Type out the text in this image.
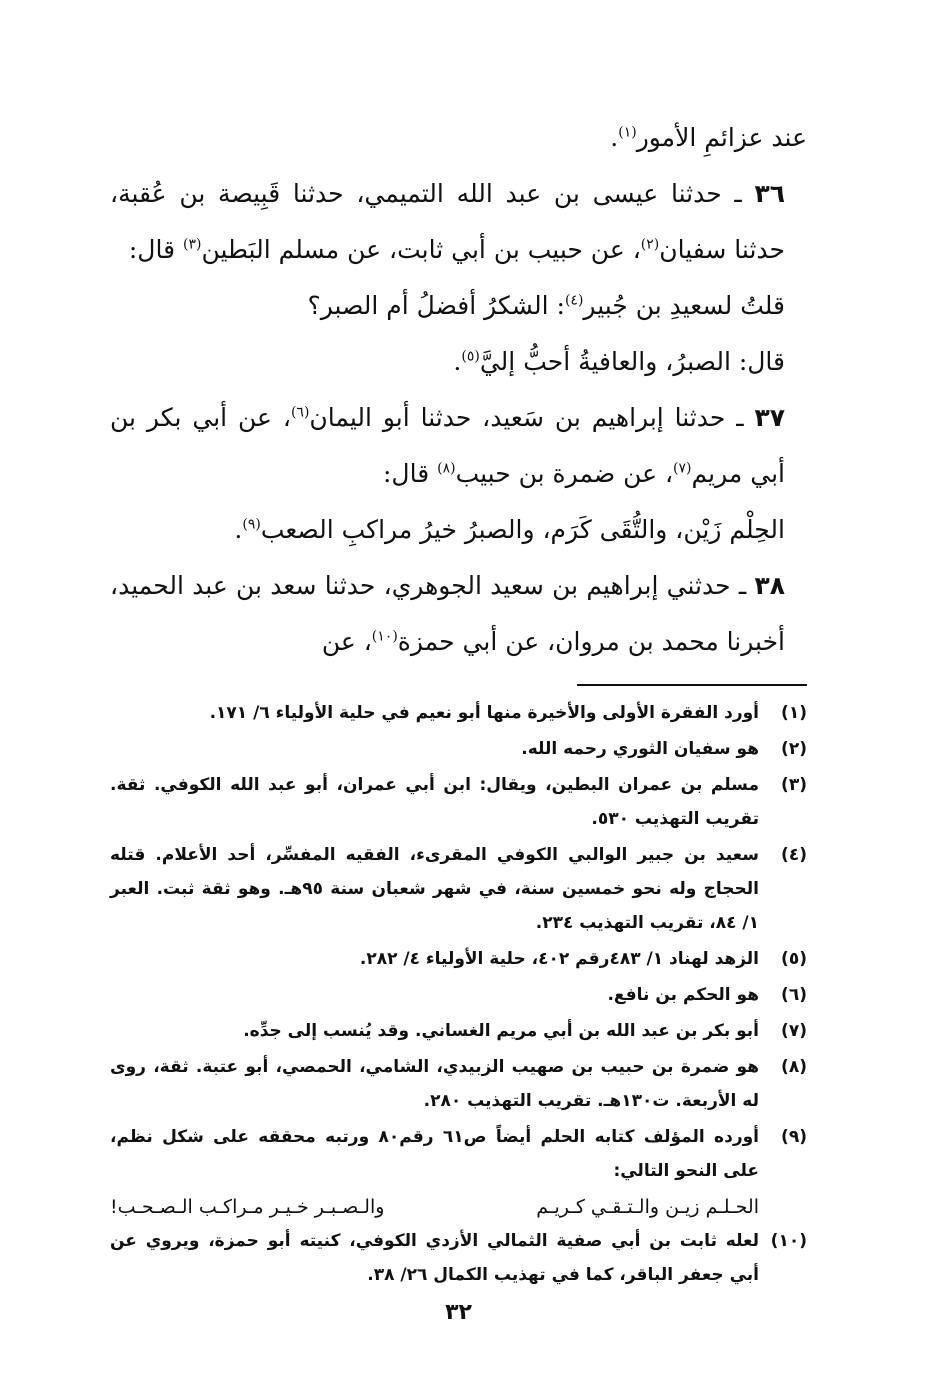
عند عزائمِ الأمور$^{(١)}$.

٣٦ ـ حدثنا عيسى بن عبد الله التميمي، حدثنا قَبِيصة بن عُقبة، حدثنا سفيان$^{(٢)}$، عن حبيب بن أبي ثابت، عن مسلم البَطين$^{(٣)}$ قال:

قلتُ لسعيدِ بن جُبير$^{(٤)}$: الشكرُ أفضلُ أم الصبر؟

قال: الصبرُ، والعافيةُ أحبُّ إليَّ$^{(٥)}$.

٣٧ ـ حدثنا إبراهيم بن سَعيد، حدثنا أبو اليمان$^{(٦)}$، عن أبي بكر بن أبي مريم$^{(٧)}$، عن ضمرة بن حبيب$^{(٨)}$ قال:

الحِلْم زَيْن، والتُّقَى كَرَم، والصبرُ خيرُ مراكبِ الصعب$^{(٩)}$.

٣٨ ـ حدثني إبراهيم بن سعيد الجوهري، حدثنا سعد بن عبد الحميد، أخبرنا محمد بن مروان، عن أبي حمزة$^{(١٠)}$، عن

(١)
أورد الفقرة الأولى والأخيرة منها أبو نعيم في حلية الأولياء ٦/ ١٧١.
(٢)
هو سفيان الثوري رحمه الله.
(٣)
مسلم بن عمران البطين، ويقال: ابن أبي عمران، أبو عبد الله الكوفي. ثقة. تقريب التهذيب ٥٣٠.
(٤)
سعيد بن جبير الوالبي الكوفي المقرىء، الفقيه المفسِّر، أحد الأعلام. قتله الحجاج وله نحو خمسين سنة، في شهر شعبان سنة ٩٥هـ. وهو ثقة ثبت. العبر ١/ ٨٤، تقريب التهذيب ٢٣٤.
(٥)
الزهد لهناد ١/ ٤٨٣رقم ٤٠٢، حلية الأولياء ٤/ ٢٨٢.
(٦)
هو الحكم بن نافع.
(٧)
أبو بكر بن عبد الله بن أبي مريم الغساني. وقد يُنسب إلى جدِّه.
(٨)
هو ضمرة بن حبيب بن صهيب الزبيدي، الشامي، الحمصي، أبو عتبة. ثقة، روى له الأربعة. ت١٣٠هـ. تقريب التهذيب ٢٨٠.
(٩)
أورده المؤلف كتابه الحلم أيضاً ص٦١ رقم٨٠ ورتبه محققه على شكل نظم، على النحو التالي:
الحـلـم زيـن والـتـقـي كـريـم
والـصـبـر خـيـر مـراكـب الـصـحـب!
(١٠)
لعله ثابت بن أبي صفية الثمالي الأزدي الكوفي، كنيته أبو حمزة، ويروي عن أبي جعفر الباقر، كما في تهذيب الكمال ٢٦/ ٣٨.
٣٢
